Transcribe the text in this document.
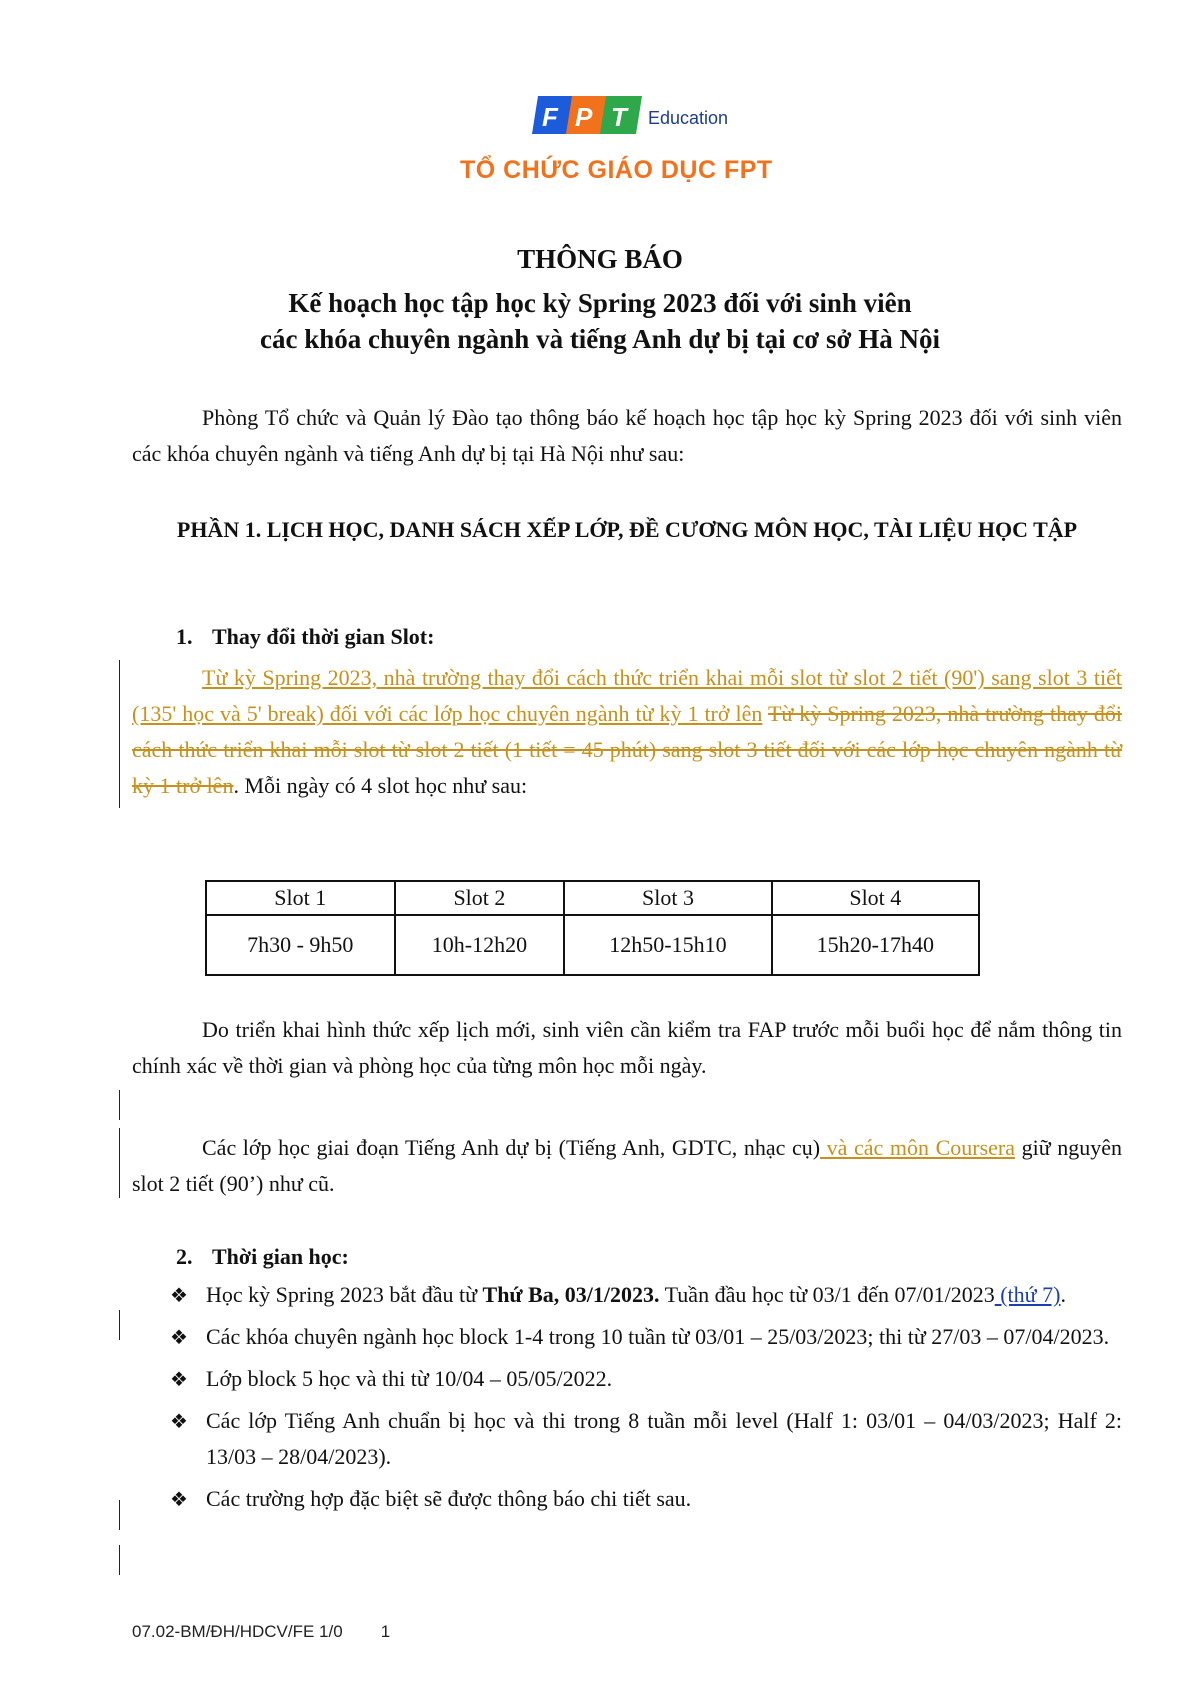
F P T Education
TỔ CHỨC GIÁO DỤC FPT
THÔNG BÁO
Kế hoạch học tập học kỳ Spring 2023 đối với sinh viên
các khóa chuyên ngành và tiếng Anh dự bị tại cơ sở Hà Nội

Phòng Tổ chức và Quản lý Đào tạo thông báo kế hoạch học tập học kỳ Spring 2023 đối với sinh viên các khóa chuyên ngành và tiếng Anh dự bị tại Hà Nội như sau:

PHẦN 1. LỊCH HỌC, DANH SÁCH XẾP LỚP, ĐỀ CƯƠNG MÔN HỌC, TÀI LIỆU HỌC TẬP
1. Thay đổi thời gian Slot:

Từ kỳ Spring 2023, nhà trường thay đổi cách thức triển khai mỗi slot từ slot 2 tiết (90') sang slot 3 tiết (135' học và 5' break) đối với các lớp học chuyên ngành từ kỳ 1 trở lên Từ kỳ Spring 2023, nhà trường thay đổi cách thức triển khai mỗi slot từ slot 2 tiết (1 tiết = 45 phút) sang slot 3 tiết đối với các lớp học chuyên ngành từ kỳ 1 trở lên. Mỗi ngày có 4 slot học như sau:

Slot 1	Slot 2	Slot 3	Slot 4
7h30 - 9h50	10h-12h20	12h50-15h10	15h20-17h40

Do triển khai hình thức xếp lịch mới, sinh viên cần kiểm tra FAP trước mỗi buổi học để nắm thông tin chính xác về thời gian và phòng học của từng môn học mỗi ngày.

Các lớp học giai đoạn Tiếng Anh dự bị (Tiếng Anh, GDTC, nhạc cụ) và các môn Coursera giữ nguyên slot 2 tiết (90’) như cũ.

2. Thời gian học:
❖ Học kỳ Spring 2023 bắt đầu từ Thứ Ba, 03/1/2023. Tuần đầu học từ 03/1 đến 07/01/2023 (thứ 7).
❖ Các khóa chuyên ngành học block 1-4 trong 10 tuần từ 03/01 – 25/03/2023; thi từ 27/03 – 07/04/2023.
❖ Lớp block 5 học và thi từ 10/04 – 05/05/2022.
❖ Các lớp Tiếng Anh chuẩn bị học và thi trong 8 tuần mỗi level (Half 1: 03/01 – 04/03/2023; Half 2: 13/03 – 28/04/2023).
❖ Các trường hợp đặc biệt sẽ được thông báo chi tiết sau.
07.02-BM/ĐH/HDCV/FE 1/0 1
